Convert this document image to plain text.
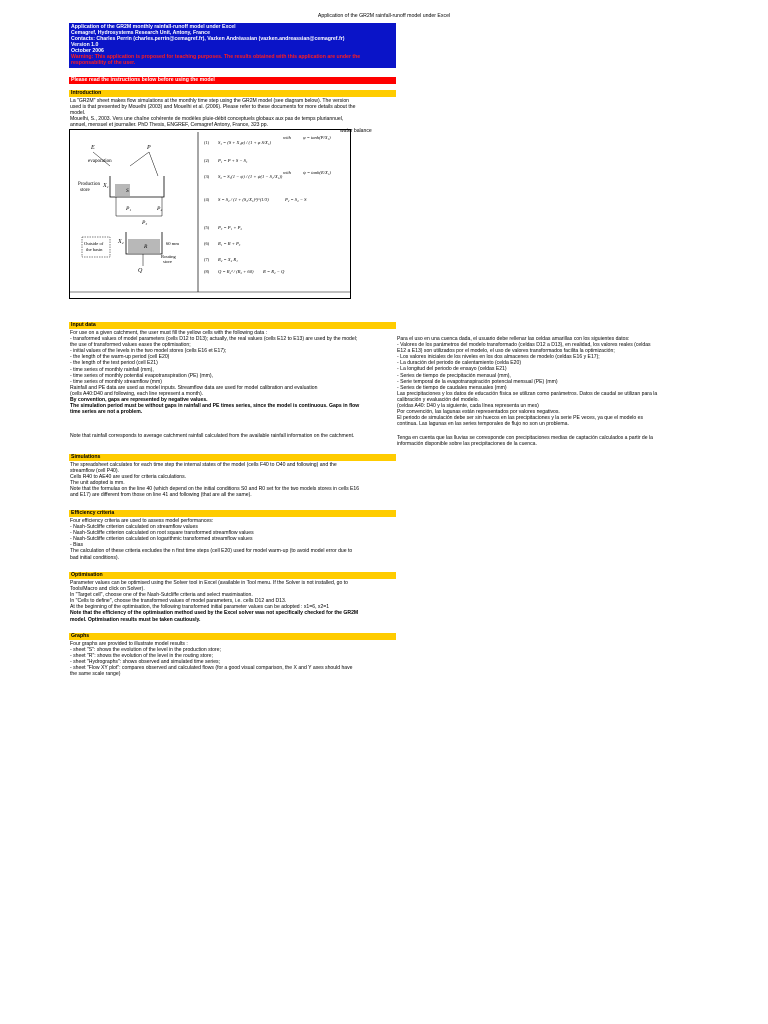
Application of the GR2M rainfall-runoff model under Excel
Application of the GR2M monthly rainfall-runoff model under Excel
Cemagref, Hydrosystems Research Unit, Antony, France
Contacts: Charles Perrin (charles.perrin@cemagref.fr), Vazken Andréassian (vazken.andreassian@cemagref.fr)
Version 1.0
October 2006
Warning: This application is proposed for teaching purposes. The results obtained with this application are under the
responsability of the user.
Please read the instructions below before using the model
Introduction

La "GR2M" sheet makes flow simulations at the monthly time step using the GR2M model (see diagram below). The version

used is that presented by Mouelhi (2003) and Mouelhi et al. (2006). Please refer to these documents for more details about the

model.

Mouelhi, S., 2003. Vers une chaîne cohérente de modèles pluie-débit conceptuels globaux aux pas de temps pluriannuel,

annuel, mensuel et journalier. PhD Thesis, ENGREF, Cemagref Antony, France, 323 pp.

water balance
E	P
evaporation
Production
store
X₁
S
P₁	P₂
P₃
X₂
Outside of
the basin	R
60 mm
Routing
store
Q
(1)
(2)
(3)
(4)
(5)
(6)
(7)
(8)
S₁ = (S + X₁φ) / (1 + φ S/X₁)
P₁ = P + S − S₁
S₂ = S₁(1 − ψ) / (1 + ψ(1 − S₁/X₁))
S = S₂ / (1 + (S₂/X₁)³)^(1/3)
P₃ = P₁ + P₂
R₁ = R + P₃
R₂ = X₂ R₁
Q = R₂² / (R₂ + 60)
with	φ = tanh(P/X₁)
with	ψ = tanh(E/X₁)
P₂ = S₂ − S
R = R₂ − Q
Input data

For use on a given catchment, the user must fill the yellow cells with the following data :

- transformed values of model parameters (cells D12 to D13); actually, the real values (cells E12 to E13) are used by the model;

the use of transformed values eases the optimisation;

- initial values of the levels in the two model stores (cells E16 et E17);

- the length of the warm-up period (cell E20)

- the length of the test period (cell E21)

- time series of monthly rainfall (mm),

- time series of monthly potential evapotranspiration (PE) (mm),

- time series of monthly streamflow (mm)

Rainfall and PE data are used as model inputs. Streamflow data are used for model calibration and evaluation

(cells A40:D40 and following, each line represent a month).

By convention, gaps are represented by negative values.

The simulation period must be without gaps in rainfall and PE times series, since the model is continuous. Gaps in flow

time series are not a problem.

Note that rainfall corresponds to average catchment rainfall calculated from the available rainfall information on the catchment.

Para el uso en una cuenca dada, el usuario debe rellenar las celdas amarillas con los siguientes datos:

- Valores de los parámetros del modelo transformado (celdas D12 a D13), en realidad, los valores reales (celdas

E12 a E13) son utilizados por el modelo, el uso de valores transformados facilita la optimización;

- Los valores iniciales de los niveles en los dos almacenes de modelo (celdas E16 y E17);

- La duración del periodo de calentamiento (celda E20)

- La longitud del periodo de ensayo (celdas E21)

- Series de tiempo de precipitación mensual (mm),

- Serie temporal de la evapotranspiración potencial mensual (PE) (mm)

- Series de tiempo de caudales mensuales (mm)

Las precipitaciones y los datos de educación física se utilizan como parámetros. Datos de caudal se utilizan para la

calibración y evaluación del modelo.

(celdas A40: D40 y la siguiente, cada línea representa un mes)

Por convención, las lagunas están representados por valores negativos.

El periodo de simulación debe ser sin huecos en las precipitaciones y la serie PE veces, ya que el modelo es

continua. Las lagunas en las series temporales de flujo no son un problema.

Tenga en cuenta que las lluvias se corresponde con precipitaciones medias de captación calculados a partir de la

información disponible sobre las precipitaciones de la cuenca.

Simulations

The spreadsheet calculates for each time step the internal states of the model (cells F40 to O40 and following) and the

streamflow (cell P40).

Cells R40 to AE40 are used for criteria calculations.

The unit adopted is mm.

Note that the formulas on the line 40 (which depend on the initial conditions S0 and R0 set for the two models stores in cells E16

and E17) are different from those on line 41 and following (that are all the same).

Efficiency criteria

Four efficiency criteria are used to assess model performances:

- Nash-Sutcliffe criterion calculated on streamflow values

- Nash-Sutcliffe criterion calculated on root square transformed streamflow values

- Nash-Sutcliffe criterion calculated on logarithmic transformed streamflow values

- Bias

The calculation of these criteria excludes the n first time steps (cell E20) used for model warm-up (to avoid model error due to

bad initial conditions).

Optimisation

Parameter values can be optimised using the Solver tool in Excel (available in Tool menu. If the Solver is not installed, go to

Tools/Macro and click on Solver).

In "Target cell", choose one of the Nash-Sutcliffe criteria and select maximisation.

In "Cells to define", choose the transformed values of model parameters, i.e. cells D12 and D13.

At the beginning of the optimisation, the following transformed initial parameter values can be adopted : x1=6, x2=1

Note that the efficiency of the optimisation method used by the Excel solver was not specifically checked for the GR2M

model. Optimisation results must be taken cautiously.

Graphs

Four graphs are provided to illustrate model results :

- sheet "S": shows the evolution of the level in the production store;

- sheet "R": shows the evolution of the level in the routing store;

- sheet "Hydrographs": shows observed and simulated time series;

- sheet "Flow XY plot": compares observed and calculated flows (for a good visual comparison, the X and Y axes should have

the same scale range)
